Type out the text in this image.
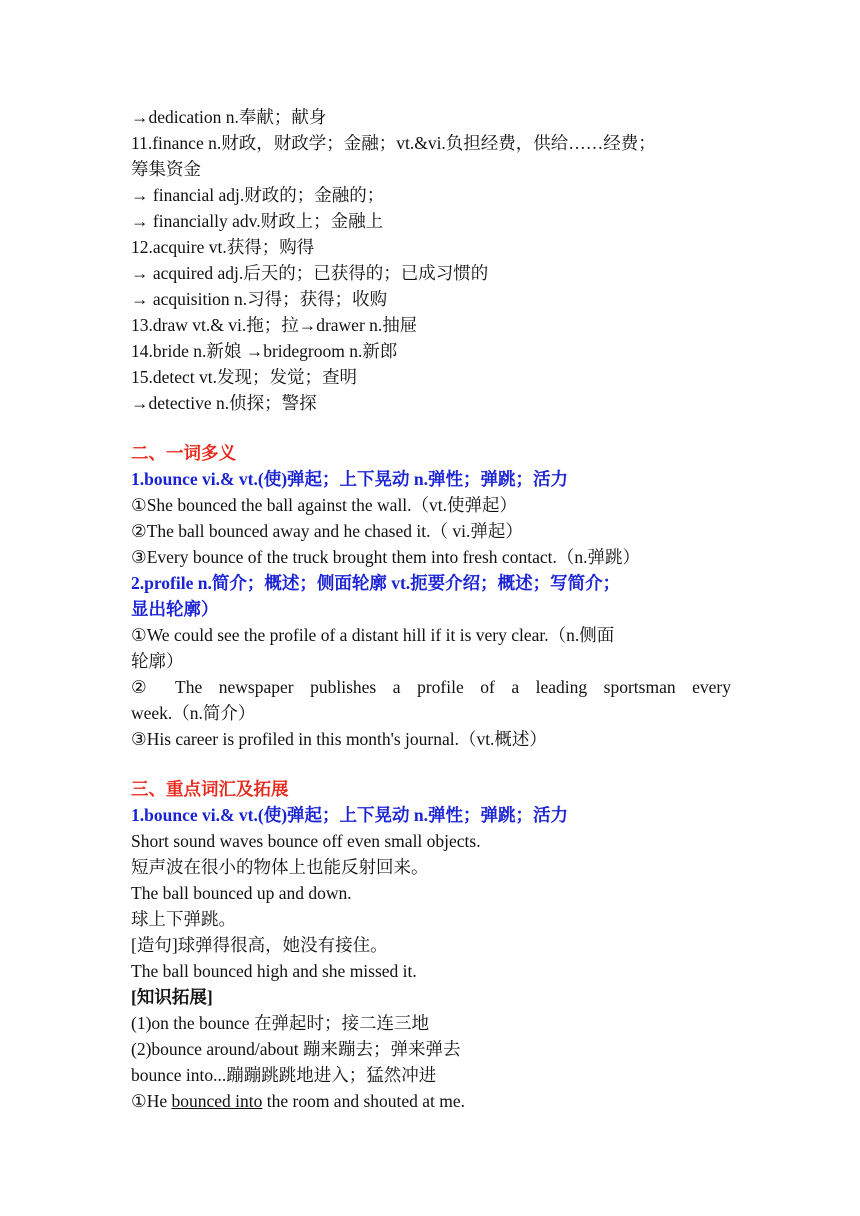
→dedication n.奉献；献身
11.finance n.财政，财政学；金融；vt.&vi.负担经费，供给……经费；
筹集资金
→ financial adj.财政的；金融的；
→ financially adv.财政上；金融上
12.acquire vt.获得；购得
→ acquired adj.后天的；已获得的；已成习惯的
→ acquisition n.习得；获得；收购
13.draw vt.& vi.拖；拉→drawer n.抽屉
14.bride n.新娘 →bridegroom n.新郎
15.detect vt.发现；发觉；查明
→detective n.侦探；警探
二、一词多义
1.bounce vi.& vt.(使)弹起；上下晃动 n.弹性；弹跳；活力
①She bounced the ball against the wall.（vt.使弹起）
②The ball bounced away and he chased it.（ vi.弹起）
③Every bounce of the truck brought them into fresh contact.（n.弹跳）
2.profile n.简介；概述；侧面轮廓 vt.扼要介绍；概述；写简介；
显出轮廓）
①We could see the profile of a distant hill if it is very clear.（n.侧面
轮廓）
② The newspaper publishes a profile of a leading sportsman every
week.（n.简介）
③His career is profiled in this month's journal.（vt.概述）
三、重点词汇及拓展
1.bounce vi.& vt.(使)弹起；上下晃动 n.弹性；弹跳；活力
Short sound waves bounce off even small objects.
短声波在很小的物体上也能反射回来。
The ball bounced up and down.
球上下弹跳。
[造句]球弹得很高，她没有接住。
The ball bounced high and she missed it.
[知识拓展]
(1)on the bounce 在弹起时；接二连三地
(2)bounce around/about 蹦来蹦去；弹来弹去
bounce into...蹦蹦跳跳地进入；猛然冲进
①He bounced into the room and shouted at me.
